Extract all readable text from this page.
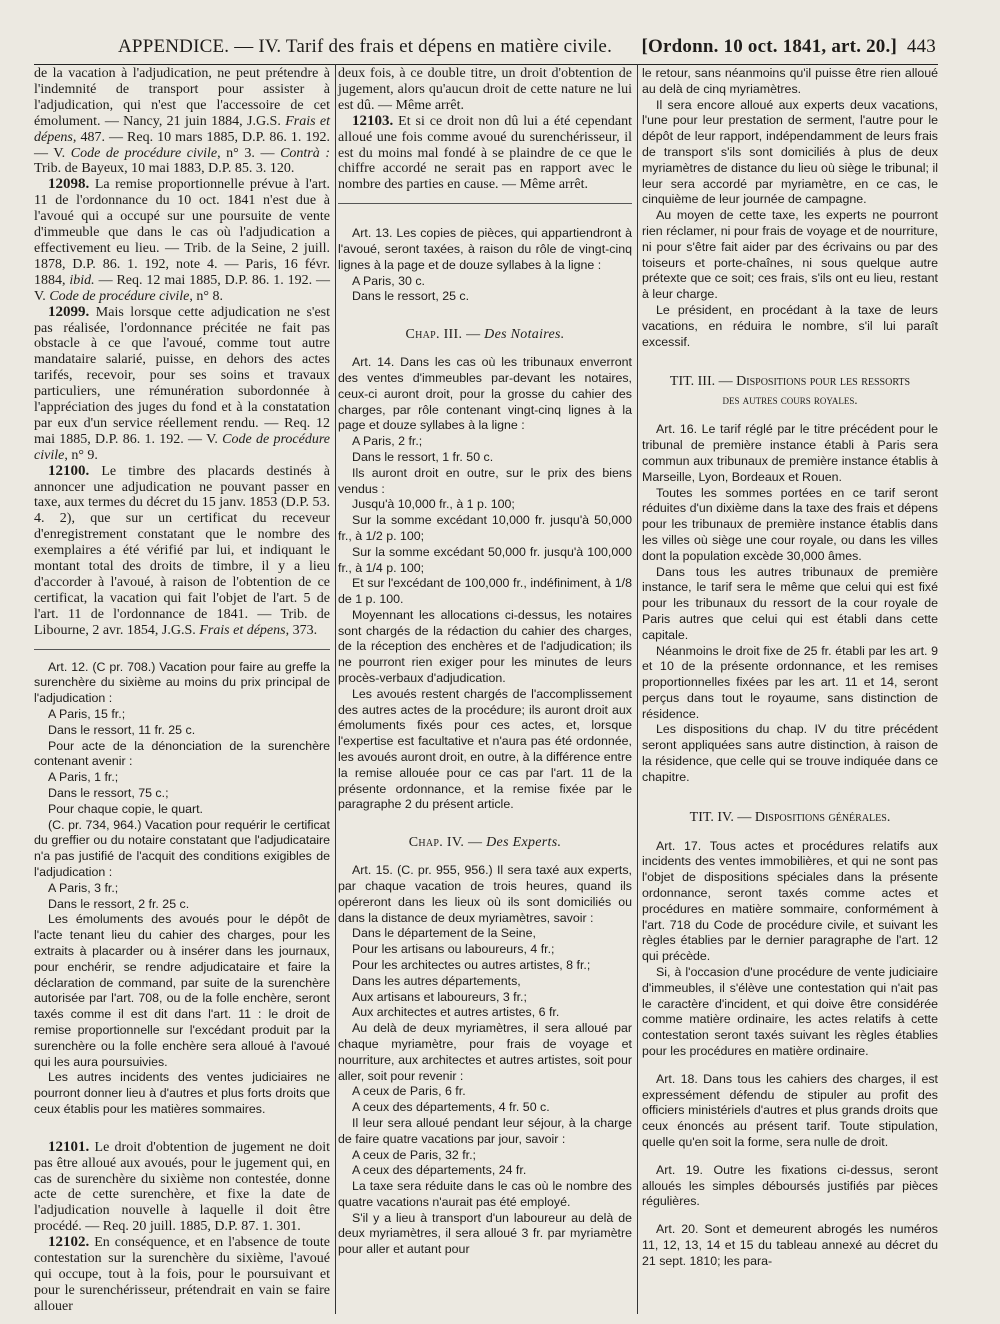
APPENDICE. — IV. Tarif des frais et dépens en matière civile. [Ordonn. 10 oct. 1841, art. 20.] 443

de la vacation à l'adjudication, ne peut prétendre à l'indemnité de transport pour assister à l'adjudication, qui n'est que l'accessoire de cet émolument. — Nancy, 21 juin 1884, J.G.S. Frais et dépens, 487. — Req. 10 mars 1885, D.P. 86. 1. 192. — V. Code de procédure civile, n° 3. — Contrà : Trib. de Bayeux, 10 mai 1883, D.P. 85. 3. 120.

12098. La remise proportionnelle prévue à l'art. 11 de l'ordonnance du 10 oct. 1841 n'est due à l'avoué qui a occupé sur une poursuite de vente d'immeuble que dans le cas où l'adjudication a effectivement eu lieu. — Trib. de la Seine, 2 juill. 1878, D.P. 86. 1. 192, note 4. — Paris, 16 févr. 1884, ibid. — Req. 12 mai 1885, D.P. 86. 1. 192. — V. Code de procédure civile, n° 8.

12099. Mais lorsque cette adjudication ne s'est pas réalisée, l'ordonnance précitée ne fait pas obstacle à ce que l'avoué, comme tout autre mandataire salarié, puisse, en dehors des actes tarifés, recevoir, pour ses soins et travaux particuliers, une rémunération subordonnée à l'appréciation des juges du fond et à la constatation par eux d'un service réellement rendu. — Req. 12 mai 1885, D.P. 86. 1. 192. — V. Code de procédure civile, n° 9.

12100. Le timbre des placards destinés à annoncer une adjudication ne pouvant passer en taxe, aux termes du décret du 15 janv. 1853 (D.P. 53. 4. 2), que sur un certificat du receveur d'enregistrement constatant que le nombre des exemplaires a été vérifié par lui, et indiquant le montant total des droits de timbre, il y a lieu d'accorder à l'avoué, à raison de l'obtention de ce certificat, la vacation qui fait l'objet de l'art. 5 de l'art. 11 de l'ordonnance de 1841. — Trib. de Libourne, 2 avr. 1854, J.G.S. Frais et dépens, 373.

Art. 12. (C pr. 708.) Vacation pour faire au greffe la surenchère du sixième au moins du prix principal de l'adjudication :

A Paris, 15 fr.;

Dans le ressort, 11 fr. 25 c.

Pour acte de la dénonciation de la surenchère contenant avenir :

A Paris, 1 fr.;

Dans le ressort, 75 c.;

Pour chaque copie, le quart.

(C. pr. 734, 964.) Vacation pour requérir le certificat du greffier ou du notaire constatant que l'adjudicataire n'a pas justifié de l'acquit des conditions exigibles de l'adjudication :

A Paris, 3 fr.;

Dans le ressort, 2 fr. 25 c.

Les émoluments des avoués pour le dépôt de l'acte tenant lieu du cahier des charges, pour les extraits à placarder ou à insérer dans les journaux, pour enchérir, se rendre adjudicataire et faire la déclaration de command, par suite de la surenchère autorisée par l'art. 708, ou de la folle enchère, seront taxés comme il est dit dans l'art. 11 : le droit de remise proportionnelle sur l'excédant produit par la surenchère ou la folle enchère sera alloué à l'avoué qui les aura poursuivies.

Les autres incidents des ventes judiciaires ne pourront donner lieu à d'autres et plus forts droits que ceux établis pour les matières sommaires.

12101. Le droit d'obtention de jugement ne doit pas être alloué aux avoués, pour le jugement qui, en cas de surenchère du sixième non contestée, donne acte de cette surenchère, et fixe la date de l'adjudication nouvelle à laquelle il doit être procédé. — Req. 20 juill. 1885, D.P. 87. 1. 301.

12102. En conséquence, et en l'absence de toute contestation sur la surenchère du sixième, l'avoué qui occupe, tout à la fois, pour le poursuivant et pour le surenchérisseur, prétendrait en vain se faire allouer

deux fois, à ce double titre, un droit d'obtention de jugement, alors qu'aucun droit de cette nature ne lui est dû. — Même arrêt.

12103. Et si ce droit non dû lui a été cependant alloué une fois comme avoué du surenchérisseur, il est du moins mal fondé à se plaindre de ce que le chiffre accordé ne serait pas en rapport avec le nombre des parties en cause. — Même arrêt.

Art. 13. Les copies de pièces, qui appartiendront à l'avoué, seront taxées, à raison du rôle de vingt-cinq lignes à la page et de douze syllabes à la ligne :

A Paris, 30 c.

Dans le ressort, 25 c.

Chap. III. — Des Notaires.

Art. 14. Dans les cas où les tribunaux enverront des ventes d'immeubles par-devant les notaires, ceux-ci auront droit, pour la grosse du cahier des charges, par rôle contenant vingt-cinq lignes à la page et douze syllabes à la ligne :

A Paris, 2 fr.;

Dans le ressort, 1 fr. 50 c.

Ils auront droit en outre, sur le prix des biens vendus :

Jusqu'à 10,000 fr., à 1 p. 100;

Sur la somme excédant 10,000 fr. jusqu'à 50,000 fr., à 1/2 p. 100;

Sur la somme excédant 50,000 fr. jusqu'à 100,000 fr., à 1/4 p. 100;

Et sur l'excédant de 100,000 fr., indéfiniment, à 1/8 de 1 p. 100.

Moyennant les allocations ci-dessus, les notaires sont chargés de la rédaction du cahier des charges, de la réception des enchères et de l'adjudication; ils ne pourront rien exiger pour les minutes de leurs procès-verbaux d'adjudication.

Les avoués restent chargés de l'accomplissement des autres actes de la procédure; ils auront droit aux émoluments fixés pour ces actes, et, lorsque l'expertise est facultative et n'aura pas été ordonnée, les avoués auront droit, en outre, à la différence entre la remise allouée pour ce cas par l'art. 11 de la présente ordonnance, et la remise fixée par le paragraphe 2 du présent article.

Chap. IV. — Des Experts.

Art. 15. (C. pr. 955, 956.) Il sera taxé aux experts, par chaque vacation de trois heures, quand ils opéreront dans les lieux où ils sont domiciliés ou dans la distance de deux myriamètres, savoir :

Dans le département de la Seine,

Pour les artisans ou laboureurs, 4 fr.;

Pour les architectes ou autres artistes, 8 fr.;

Dans les autres départements,

Aux artisans et laboureurs, 3 fr.;

Aux architectes et autres artistes, 6 fr.

Au delà de deux myriamètres, il sera alloué par chaque myriamètre, pour frais de voyage et nourriture, aux architectes et autres artistes, soit pour aller, soit pour revenir :

A ceux de Paris, 6 fr.

A ceux des départements, 4 fr. 50 c.

Il leur sera alloué pendant leur séjour, à la charge de faire quatre vacations par jour, savoir :

A ceux de Paris, 32 fr.;

A ceux des départements, 24 fr.

La taxe sera réduite dans le cas où le nombre des quatre vacations n'aurait pas été employé.

S'il y a lieu à transport d'un laboureur au delà de deux myriamètres, il sera alloué 3 fr. par myriamètre pour aller et autant pour

le retour, sans néanmoins qu'il puisse être rien alloué au delà de cinq myriamètres.

Il sera encore alloué aux experts deux vacations, l'une pour leur prestation de serment, l'autre pour le dépôt de leur rapport, indépendamment de leurs frais de transport s'ils sont domiciliés à plus de deux myriamètres de distance du lieu où siège le tribunal; il leur sera accordé par myriamètre, en ce cas, le cinquième de leur journée de campagne.

Au moyen de cette taxe, les experts ne pourront rien réclamer, ni pour frais de voyage et de nourriture, ni pour s'être fait aider par des écrivains ou par des toiseurs et porte-chaînes, ni sous quelque autre prétexte que ce soit; ces frais, s'ils ont eu lieu, restant à leur charge.

Le président, en procédant à la taxe de leurs vacations, en réduira le nombre, s'il lui paraît excessif.

TIT. III. — Dispositions pour les ressorts
des autres cours royales.

Art. 16. Le tarif réglé par le titre précédent pour le tribunal de première instance établi à Paris sera commun aux tribunaux de première instance établis à Marseille, Lyon, Bordeaux et Rouen.

Toutes les sommes portées en ce tarif seront réduites d'un dixième dans la taxe des frais et dépens pour les tribunaux de première instance établis dans les villes où siège une cour royale, ou dans les villes dont la population excède 30,000 âmes.

Dans tous les autres tribunaux de première instance, le tarif sera le même que celui qui est fixé pour les tribunaux du ressort de la cour royale de Paris autres que celui qui est établi dans cette capitale.

Néanmoins le droit fixe de 25 fr. établi par les art. 9 et 10 de la présente ordonnance, et les remises proportionnelles fixées par les art. 11 et 14, seront perçus dans tout le royaume, sans distinction de résidence.

Les dispositions du chap. IV du titre précédent seront appliquées sans autre distinction, à raison de la résidence, que celle qui se trouve indiquée dans ce chapitre.

TIT. IV. — Dispositions générales.

Art. 17. Tous actes et procédures relatifs aux incidents des ventes immobilières, et qui ne sont pas l'objet de dispositions spéciales dans la présente ordonnance, seront taxés comme actes et procédures en matière sommaire, conformément à l'art. 718 du Code de procédure civile, et suivant les règles établies par le dernier paragraphe de l'art. 12 qui précède.

Si, à l'occasion d'une procédure de vente judiciaire d'immeubles, il s'élève une contestation qui n'ait pas le caractère d'incident, et qui doive être considérée comme matière ordinaire, les actes relatifs à cette contestation seront taxés suivant les règles établies pour les procédures en matière ordinaire.

Art. 18. Dans tous les cahiers des charges, il est expressément défendu de stipuler au profit des officiers ministériels d'autres et plus grands droits que ceux énoncés au présent tarif. Toute stipulation, quelle qu'en soit la forme, sera nulle de droit.

Art. 19. Outre les fixations ci-dessus, seront alloués les simples déboursés justifiés par pièces régulières.

Art. 20. Sont et demeurent abrogés les numéros 11, 12, 13, 14 et 15 du tableau annexé au décret du 21 sept. 1810; les para-
